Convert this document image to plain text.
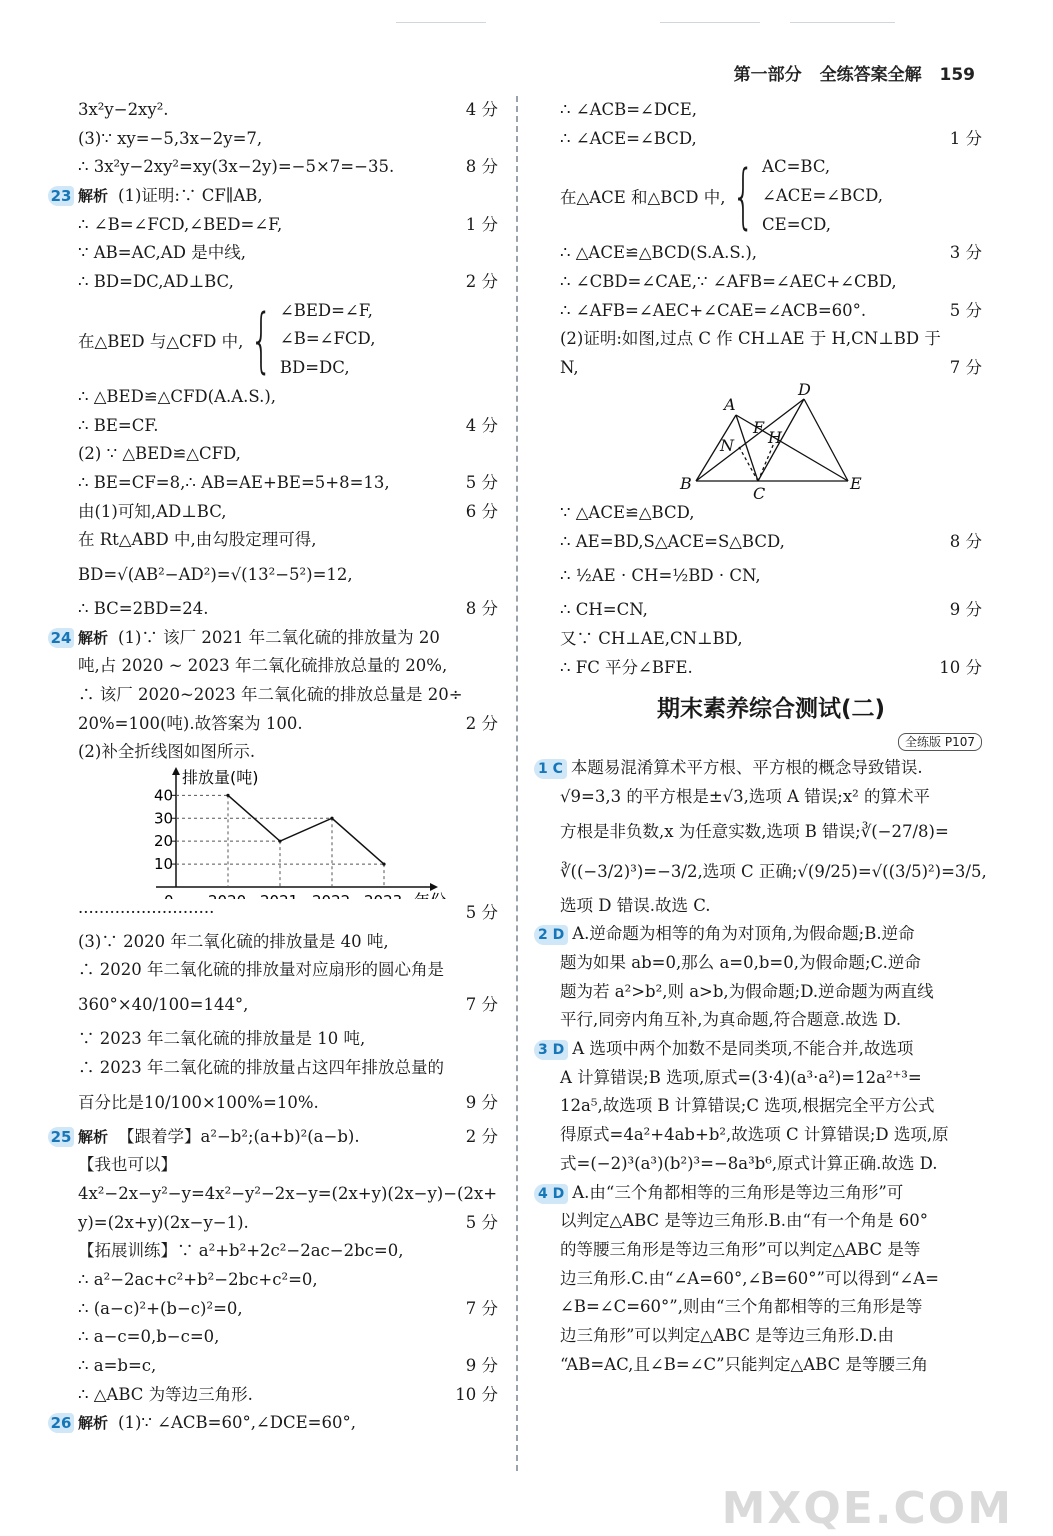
第一部分 全练答案全解 159
3x²y−2xy².	4 分
(3)∵ xy=−5,3x−2y=7,
∴ 3x²y−2xy²=xy(3x−2y)=−5×7=−35.	8 分
23 解析 (1)证明:∵ CF∥AB,
∴ ∠B=∠FCD,∠BED=∠F,	1 分
∵ AB=AC,AD 是中线,
∴ BD=DC,AD⊥BC,	2 分
在△BED 与△CFD 中, { ∠BED=∠F,
∠B=∠FCD,
BD=DC,
∴ △BED≌△CFD(A.A.S.),
∴ BE=CF.	4 分
(2) ∵ △BED≌△CFD,
∴ BE=CF=8,∴ AB=AE+BE=5+8=13,	5 分
由(1)可知,AD⊥BC,	6 分
在 Rt△ABD 中,由勾股定理可得,
BD=√(AB²−AD²)=√(13²−5²)=12,
∴ BC=2BD=24.	8 分
24 解析 (1)∵ 该厂 2021 年二氧化硫的排放量为 20
吨,占 2020 ~ 2023 年二氧化硫排放总量的 20%,
∴ 该厂 2020~2023 年二氧化硫的排放总量是 20÷
20%=100(吨).故答案为 100.	2 分
(2)补全折线图如图所示.
排放量(吨)
10
20
30
40
··························	5 分
(3)∵ 2020 年二氧化硫的排放量是 40 吨,
∴ 2020 年二氧化硫的排放量对应扇形的圆心角是
360°×40/100=144°,	7 分
∵ 2023 年二氧化硫的排放量是 10 吨,
∴ 2023 年二氧化硫的排放量占这四年排放总量的
百分比是10/100×100%=10%.	9 分
25 解析 【跟着学】a²−b²;(a+b)²(a−b).	2 分
【我也可以】
4x²−2x−y²−y=4x²−y²−2x−y=(2x+y)(2x−y)−(2x+
y)=(2x+y)(2x−y−1).	5 分
【拓展训练】∵ a²+b²+2c²−2ac−2bc=0,
∴ a²−2ac+c²+b²−2bc+c²=0,
∴ (a−c)²+(b−c)²=0,	7 分
∴ a−c=0,b−c=0,
∴ a=b=c,	9 分
∴ △ABC 为等边三角形.	10 分
26 解析 (1)∵ ∠ACB=60°,∠DCE=60°,
∴ ∠ACB=∠DCE,
∴ ∠ACE=∠BCD,	1 分
在△ACE 和△BCD 中, { AC=BC,
∠ACE=∠BCD,
CE=CD,
∴ △ACE≌△BCD(S.A.S.),	3 分
∴ ∠CBD=∠CAE,∵ ∠AFB=∠AEC+∠CBD,
∴ ∠AFB=∠AEC+∠CAE=∠ACB=60°.	5 分
(2)证明:如图,过点 C 作 CH⊥AE 于 H,CN⊥BD 于
N,	7 分
A
D
B
C
E
F
H
N
∵ △ACE≌△BCD,
∴ AE=BD,S△ACE=S△BCD,	8 分
∴ ½AE · CH=½BD · CN,
∴ CH=CN,	9 分
又∵ CH⊥AE,CN⊥BD,
∴ FC 平分∠BFE.	10 分
期末素养综合测试(二)
全练版 P107
1 C 本题易混淆算术平方根、平方根的概念导致错误.
√9=3,3 的平方根是±√3,选项 A 错误;x² 的算术平
方根是非负数,x 为任意实数,选项 B 错误;∛(−27/8)=
∛((−3/2)³)=−3/2,选项 C 正确;√(9/25)=√((3/5)²)=3/5,
选项 D 错误.故选 C.
2 D A.逆命题为相等的角为对顶角,为假命题;B.逆命
题为如果 ab=0,那么 a=0,b=0,为假命题;C.逆命
题为若 a²>b²,则 a>b,为假命题;D.逆命题为两直线
平行,同旁内角互补,为真命题,符合题意.故选 D.
3 D A 选项中两个加数不是同类项,不能合并,故选项
A 计算错误;B 选项,原式=(3·4)(a³·a²)=12a²⁺³=
12a⁵,故选项 B 计算错误;C 选项,根据完全平方公式
得原式=4a²+4ab+b²,故选项 C 计算错误;D 选项,原
式=(−2)³(a³)(b²)³=−8a³b⁶,原式计算正确.故选 D.
4 D A.由“三个角都相等的三角形是等边三角形”可
以判定△ABC 是等边三角形.B.由“有一个角是 60°
的等腰三角形是等边三角形”可以判定△ABC 是等
边三角形.C.由“∠A=60°,∠B=60°”可以得到“∠A=
∠B=∠C=60°”,则由“三个角都相等的三角形是等
边三角形”可以判定△ABC 是等边三角形.D.由
“AB=AC,且∠B=∠C”只能判定△ABC 是等腰三角
MXQE.COM
